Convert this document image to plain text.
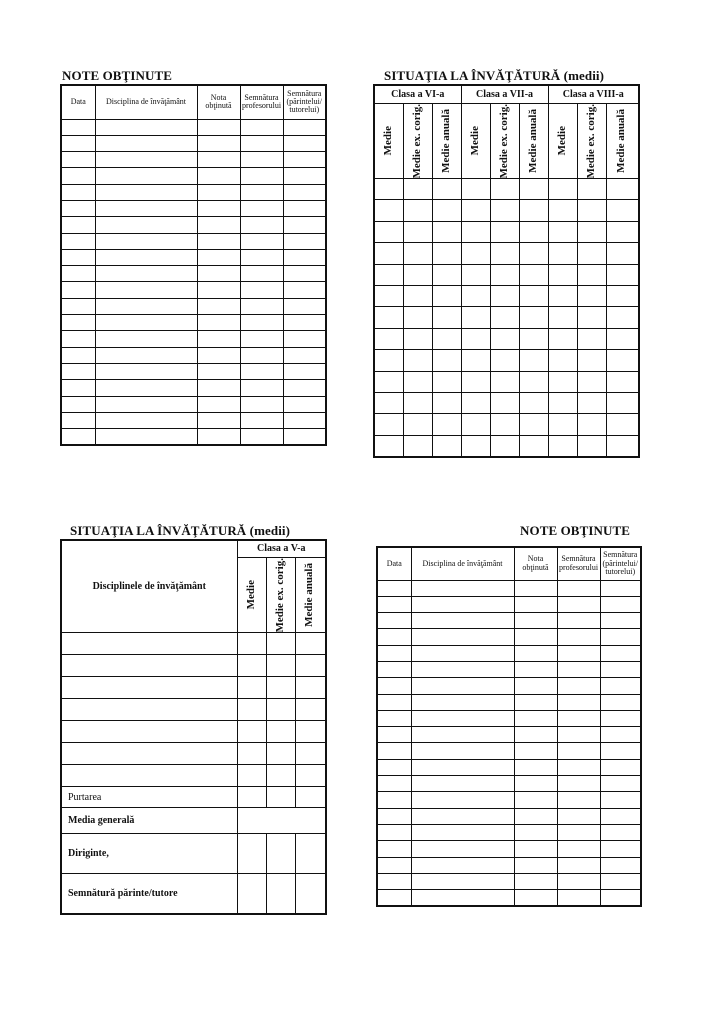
NOTE OBŢINUTE
Data	Disciplina de învăţământ	Nota obţinută	Semnătura profesorului	Semnătura (părintelui/ tutorelui)

SITUAŢIA LA ÎNVĂŢĂTURĂ (medii)
Clasa a VI-a			Clasa a VII-a			Clasa a VIII-a		

Medie	Medie ex. corig.	Medie anuală	Medie	Medie ex. corig.	Medie anuală	Medie	Medie ex. corig.	Medie anuală

SITUAŢIA LA ÎNVĂŢĂTURĂ (medii)
Disciplinele de învăţământ	Clasa a V-a		

	Medie	Medie ex. corig.	Medie anuală

Purtarea			
Media generală			
Diriginte,			
Semnătură părinte/tutore			
NOTE OBŢINUTE
Data	Disciplina de învăţământ	Nota obţinută	Semnătura profesorului	Semnătura (părintelui/ tutorelui)
